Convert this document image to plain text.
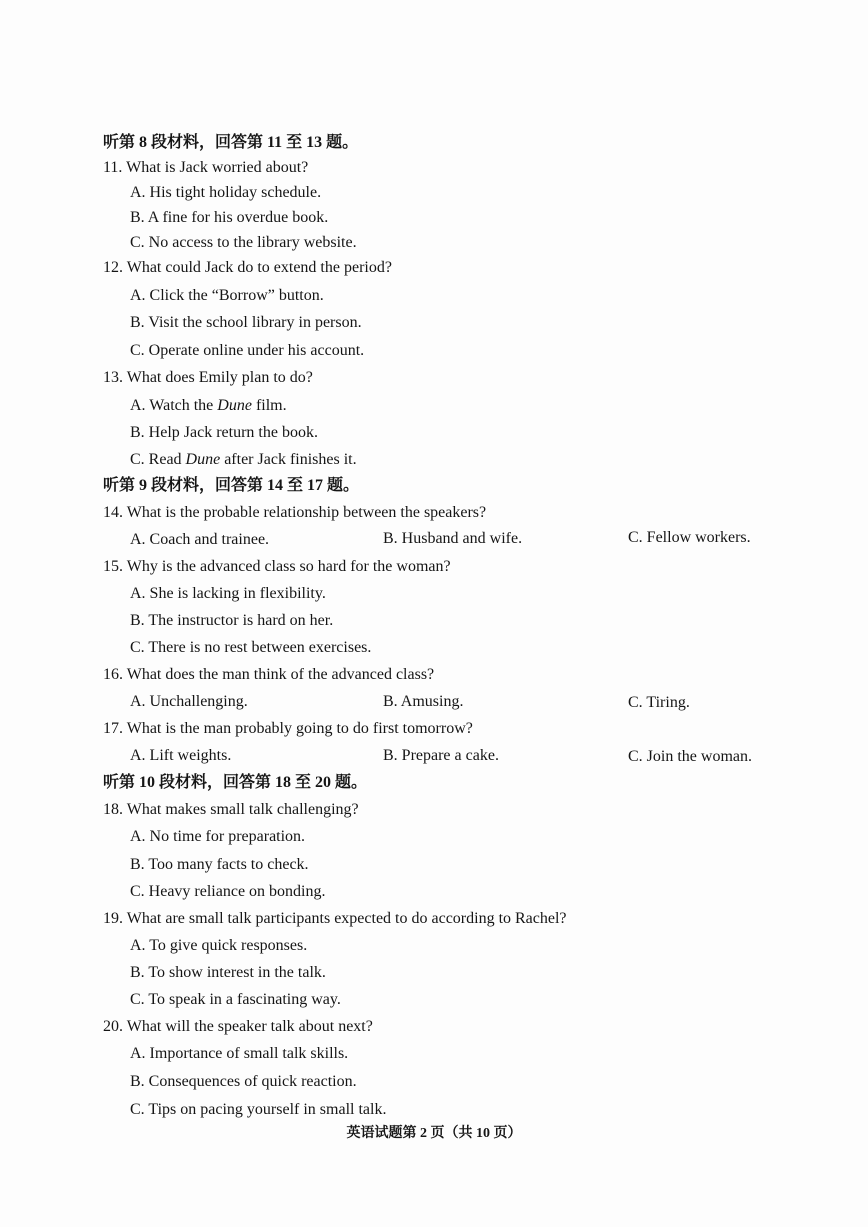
听第 8 段材料，回答第 11 至 13 题。
11. What is Jack worried about?
A. His tight holiday schedule.
B. A fine for his overdue book.
C. No access to the library website.
12. What could Jack do to extend the period?
A. Click the “Borrow” button.
B. Visit the school library in person.
C. Operate online under his account.
13. What does Emily plan to do?
A. Watch the Dune film.
B. Help Jack return the book.
C. Read Dune after Jack finishes it.
听第 9 段材料，回答第 14 至 17 题。
14. What is the probable relationship between the speakers?
A. Coach and trainee.	B. Husband and wife.	C. Fellow workers.
15. Why is the advanced class so hard for the woman?
A. She is lacking in flexibility.
B. The instructor is hard on her.
C. There is no rest between exercises.
16. What does the man think of the advanced class?
A. Unchallenging.	B. Amusing.	C. Tiring.
17. What is the man probably going to do first tomorrow?
A. Lift weights.	B. Prepare a cake.	C. Join the woman.
听第 10 段材料，回答第 18 至 20 题。
18. What makes small talk challenging?
A. No time for preparation.
B. Too many facts to check.
C. Heavy reliance on bonding.
19. What are small talk participants expected to do according to Rachel?
A. To give quick responses.
B. To show interest in the talk.
C. To speak in a fascinating way.
20. What will the speaker talk about next?
A. Importance of small talk skills.
B. Consequences of quick reaction.
C. Tips on pacing yourself in small talk.
英语试题第 2 页（共 10 页）
